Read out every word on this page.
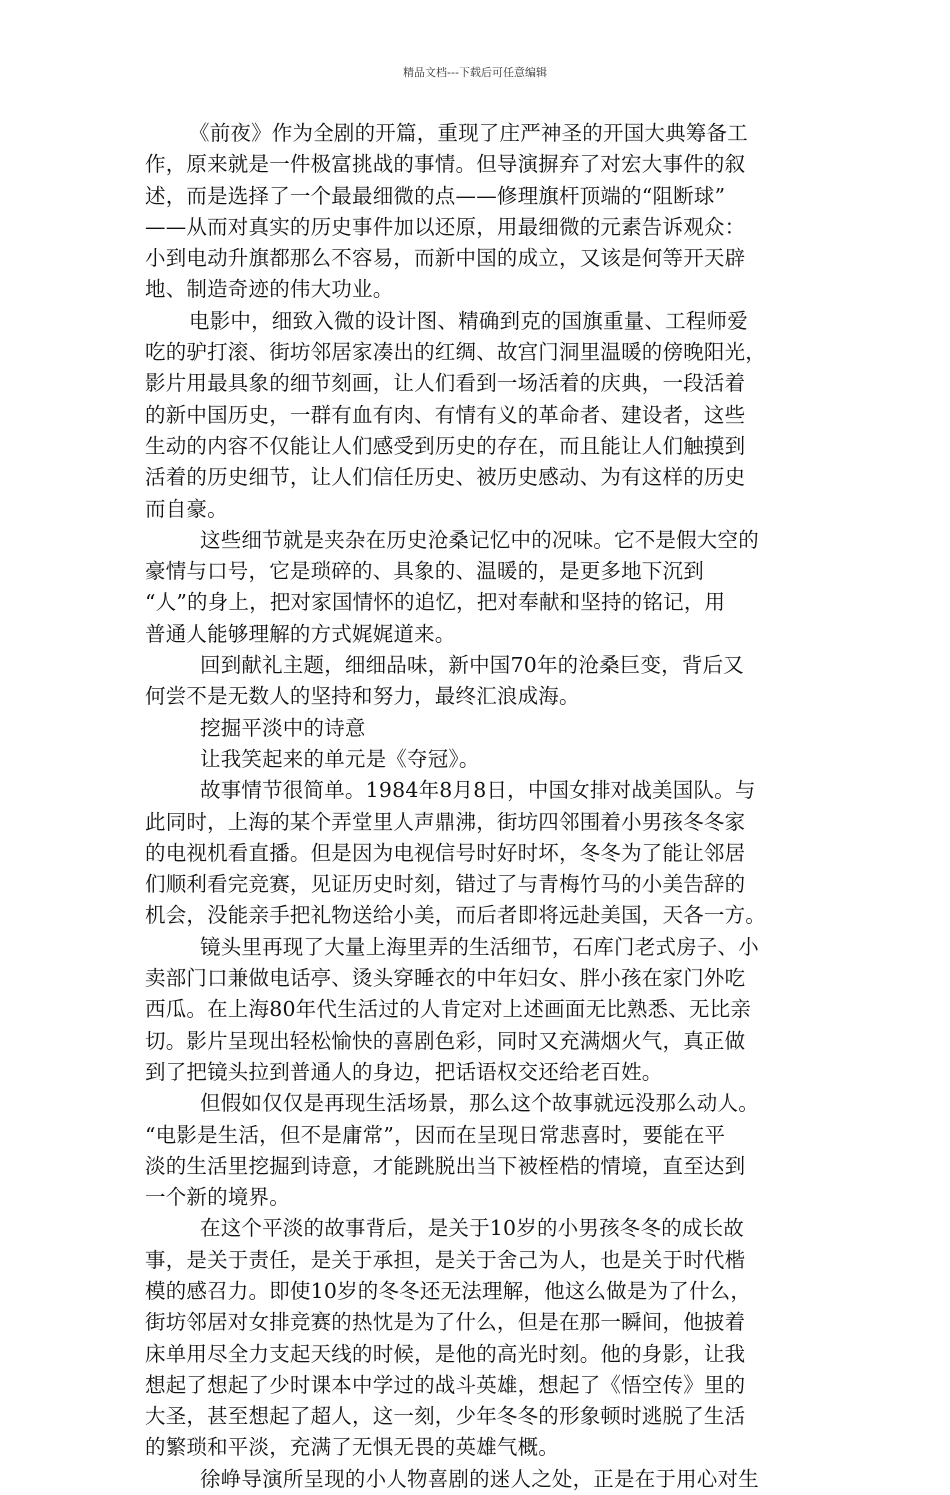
精品文档---下载后可任意编辑
《前夜》作为全剧的开篇，重现了庄严神圣的开国大典筹备工
作，原来就是一件极富挑战的事情。但导演摒弃了对宏大事件的叙
述，而是选择了一个最最细微的点——修理旗杆顶端的“阻断球”
——从而对真实的历史事件加以还原，用最细微的元素告诉观众：
小到电动升旗都那么不容易，而新中国的成立，又该是何等开天辟
地、制造奇迹的伟大功业。
电影中，细致入微的设计图、精确到克的国旗重量、工程师爱
吃的驴打滚、街坊邻居家凑出的红绸、故宫门洞里温暖的傍晚阳光，
影片用最具象的细节刻画，让人们看到一场活着的庆典，一段活着
的新中国历史，一群有血有肉、有情有义的革命者、建设者，这些
生动的内容不仅能让人们感受到历史的存在，而且能让人们触摸到
活着的历史细节，让人们信任历史、被历史感动、为有这样的历史
而自豪。
这些细节就是夹杂在历史沧桑记忆中的况味。它不是假大空的
豪情与口号，它是琐碎的、具象的、温暖的，是更多地下沉到
“人”的身上，把对家国情怀的追忆，把对奉献和坚持的铭记，用
普通人能够理解的方式娓娓道来。
回到献礼主题，细细品味，新中国70年的沧桑巨变，背后又
何尝不是无数人的坚持和努力，最终汇浪成海。
挖掘平淡中的诗意
让我笑起来的单元是《夺冠》。
故事情节很简单。1984年8月8日，中国女排对战美国队。与
此同时，上海的某个弄堂里人声鼎沸，街坊四邻围着小男孩冬冬家
的电视机看直播。但是因为电视信号时好时坏，冬冬为了能让邻居
们顺利看完竞赛，见证历史时刻，错过了与青梅竹马的小美告辞的
机会，没能亲手把礼物送给小美，而后者即将远赴美国，天各一方。
镜头里再现了大量上海里弄的生活细节，石库门老式房子、小
卖部门口兼做电话亭、烫头穿睡衣的中年妇女、胖小孩在家门外吃
西瓜。在上海80年代生活过的人肯定对上述画面无比熟悉、无比亲
切。影片呈现出轻松愉快的喜剧色彩，同时又充满烟火气，真正做
到了把镜头拉到普通人的身边，把话语权交还给老百姓。
但假如仅仅是再现生活场景，那么这个故事就远没那么动人。
“电影是生活，但不是庸常”，因而在呈现日常悲喜时，要能在平
淡的生活里挖掘到诗意，才能跳脱出当下被桎梏的情境，直至达到
一个新的境界。
在这个平淡的故事背后，是关于10岁的小男孩冬冬的成长故
事，是关于责任，是关于承担，是关于舍己为人，也是关于时代楷
模的感召力。即使10岁的冬冬还无法理解，他这么做是为了什么，
街坊邻居对女排竞赛的热忱是为了什么，但是在那一瞬间，他披着
床单用尽全力支起天线的时候，是他的高光时刻。他的身影，让我
想起了想起了少时课本中学过的战斗英雄，想起了《悟空传》里的
大圣，甚至想起了超人，这一刻，少年冬冬的形象顿时逃脱了生活
的繁琐和平淡，充满了无惧无畏的英雄气概。
徐峥导演所呈现的小人物喜剧的迷人之处，正是在于用心对生
